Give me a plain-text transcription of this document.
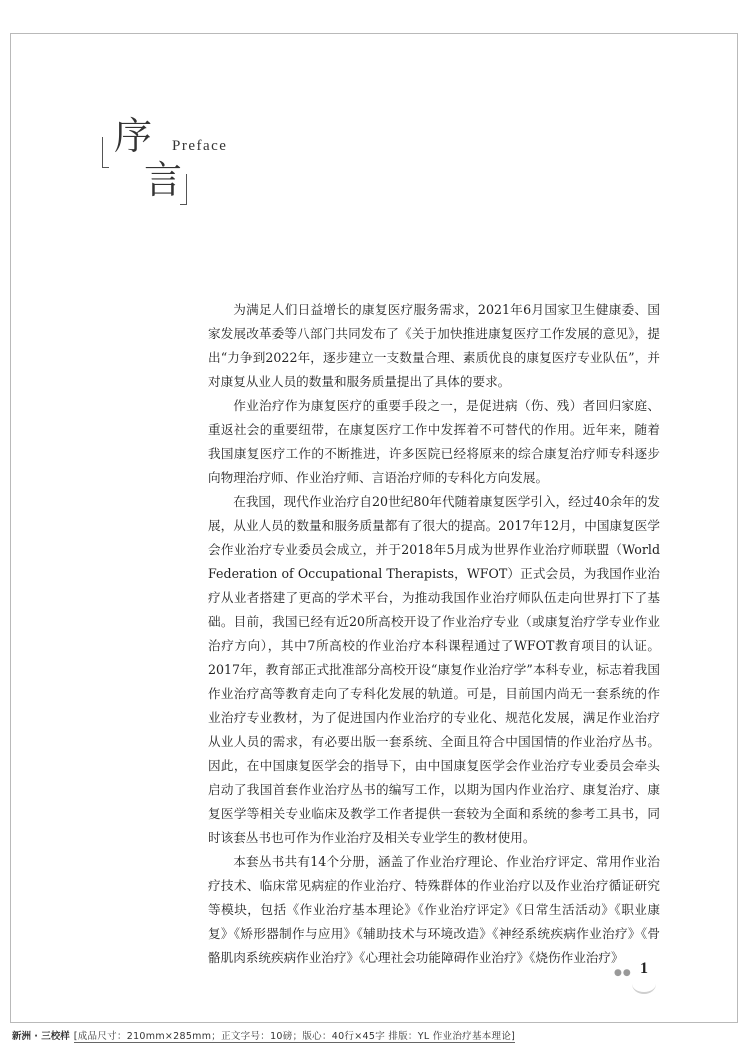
序 Preface
言

为满足人们日益增长的康复医疗服务需求，2021年6月国家卫生健康委、国家发展改革委等八部门共同发布了《关于加快推进康复医疗工作发展的意见》，提出“力争到2022年，逐步建立一支数量合理、素质优良的康复医疗专业队伍”，并对康复从业人员的数量和服务质量提出了具体的要求。

作业治疗作为康复医疗的重要手段之一，是促进病（伤、残）者回归家庭、重返社会的重要纽带，在康复医疗工作中发挥着不可替代的作用。近年来，随着我国康复医疗工作的不断推进，许多医院已经将原来的综合康复治疗师专科逐步向物理治疗师、作业治疗师、言语治疗师的专科化方向发展。

在我国，现代作业治疗自20世纪80年代随着康复医学引入，经过40余年的发展，从业人员的数量和服务质量都有了很大的提高。2017年12月，中国康复医学会作业治疗专业委员会成立，并于2018年5月成为世界作业治疗师联盟（World Federation of Occupational Therapists，WFOT）正式会员，为我国作业治疗从业者搭建了更高的学术平台，为推动我国作业治疗师队伍走向世界打下了基础。目前，我国已经有近20所高校开设了作业治疗专业（或康复治疗学专业作业治疗方向），其中7所高校的作业治疗本科课程通过了WFOT教育项目的认证。2017年，教育部正式批准部分高校开设“康复作业治疗学”本科专业，标志着我国作业治疗高等教育走向了专科化发展的轨道。可是，目前国内尚无一套系统的作业治疗专业教材，为了促进国内作业治疗的专业化、规范化发展，满足作业治疗从业人员的需求，有必要出版一套系统、全面且符合中国国情的作业治疗丛书。因此，在中国康复医学会的指导下，由中国康复医学会作业治疗专业委员会牵头启动了我国首套作业治疗丛书的编写工作，以期为国内作业治疗、康复治疗、康复医学等相关专业临床及教学工作者提供一套较为全面和系统的参考工具书，同时该套丛书也可作为作业治疗及相关专业学生的教材使用。

本套丛书共有14个分册，涵盖了作业治疗理论、作业治疗评定、常用作业治疗技术、临床常见病症的作业治疗、特殊群体的作业治疗以及作业治疗循证研究等模块，包括《作业治疗基本理论》《作业治疗评定》《日常生活活动》《职业康复》《矫形器制作与应用》《辅助技术与环境改造》《神经系统疾病作业治疗》《骨骼肌肉系统疾病作业治疗》《心理社会功能障碍作业治疗》《烧伤作业治疗》

●● 1
新洲 · 三校样 [成品尺寸：210mm×285mm；正文字号：10磅；版心：40行×45字 排版：YL 作业治疗基本理论]
